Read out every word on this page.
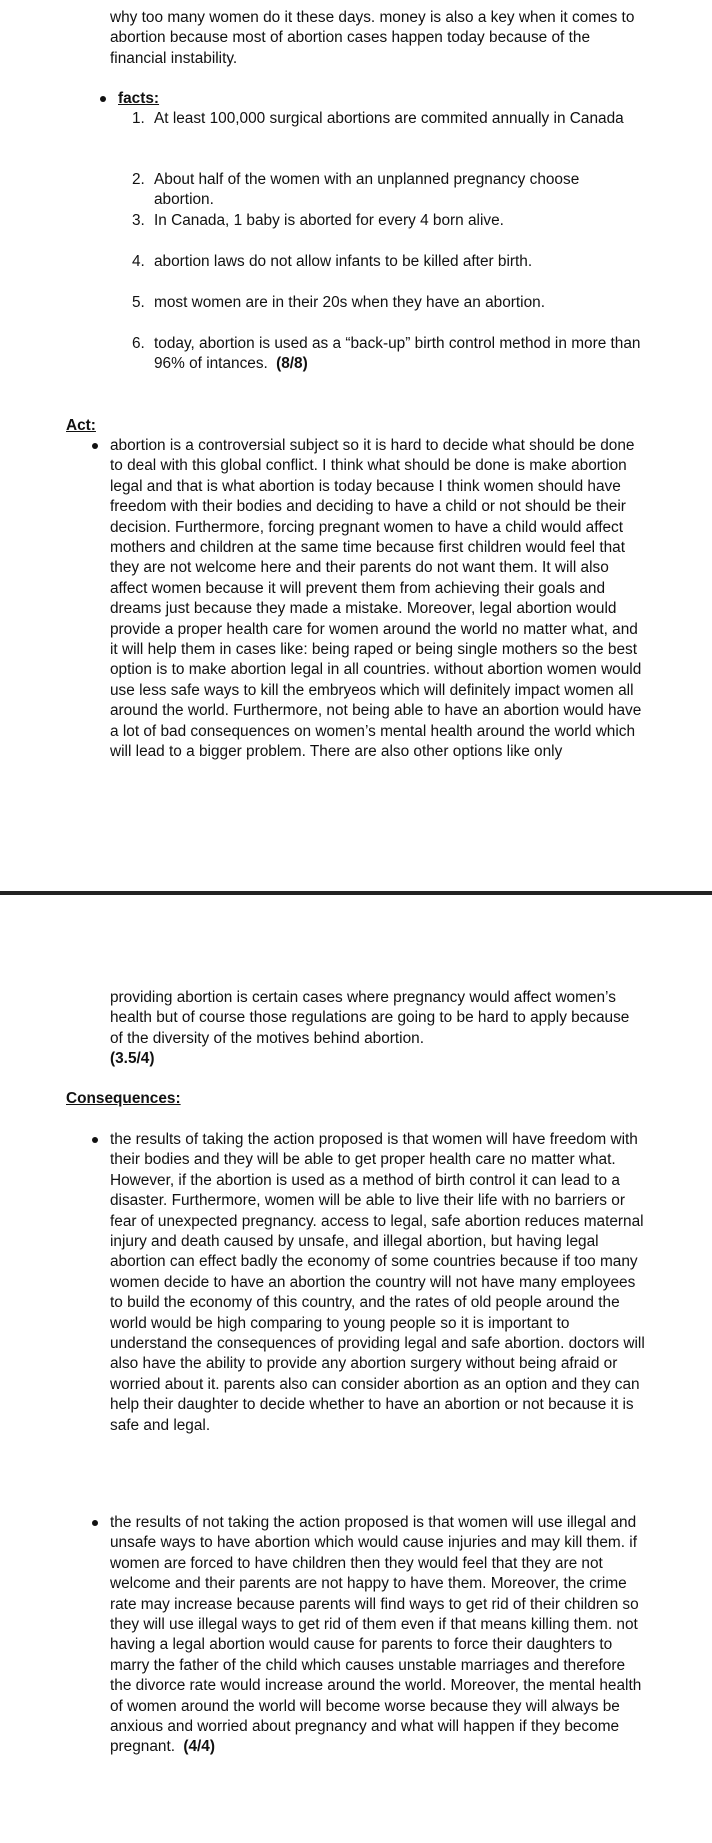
why too many women do it these days. money is also a key when it comes to abortion because most of abortion cases happen today because of the financial instability.

facts:
1. At least 100,000 surgical abortions are commited annually in Canada

2. About half of the women with an unplanned pregnancy choose abortion.

3. In Canada, 1 baby is aborted for every 4 born alive.

4. abortion laws do not allow infants to be killed after birth.

5. most women are in their 20s when they have an abortion.

6. today, abortion is used as a “back-up” birth control method in more than 96% of intances. (8/8)

Act:

abortion is a controversial subject so it is hard to decide what should be done to deal with this global conflict. I think what should be done is make abortion legal and that is what abortion is today because I think women should have freedom with their bodies and deciding to have a child or not should be their decision. Furthermore, forcing pregnant women to have a child would affect mothers and children at the same time because first children would feel that they are not welcome here and their parents do not want them. It will also affect women because it will prevent them from achieving their goals and dreams just because they made a mistake. Moreover, legal abortion would provide a proper health care for women around the world no matter what, and it will help them in cases like: being raped or being single mothers so the best option is to make abortion legal in all countries. without abortion women would use less safe ways to kill the embryeos which will definitely impact women all around the world. Furthermore, not being able to have an abortion would have a lot of bad consequences on women’s mental health around the world which will lead to a bigger problem. There are also other options like only

providing abortion is certain cases where pregnancy would affect women’s health but of course those regulations are going to be hard to apply because of the diversity of the motives behind abortion.
(3.5/4)

Consequences:

the results of taking the action proposed is that women will have freedom with their bodies and they will be able to get proper health care no matter what. However, if the abortion is used as a method of birth control it can lead to a disaster. Furthermore, women will be able to live their life with no barriers or fear of unexpected pregnancy. access to legal, safe abortion reduces maternal injury and death caused by unsafe, and illegal abortion, but having legal abortion can effect badly the economy of some countries because if too many women decide to have an abortion the country will not have many employees to build the economy of this country, and the rates of old people around the world would be high comparing to young people so it is important to understand the consequences of providing legal and safe abortion. doctors will also have the ability to provide any abortion surgery without being afraid or worried about it. parents also can consider abortion as an option and they can help their daughter to decide whether to have an abortion or not because it is safe and legal.

the results of not taking the action proposed is that women will use illegal and unsafe ways to have abortion which would cause injuries and may kill them. if women are forced to have children then they would feel that they are not welcome and their parents are not happy to have them. Moreover, the crime rate may increase because parents will find ways to get rid of their children so they will use illegal ways to get rid of them even if that means killing them. not having a legal abortion would cause for parents to force their daughters to marry the father of the child which causes unstable marriages and therefore the divorce rate would increase around the world. Moreover, the mental health of women around the world will become worse because they will always be anxious and worried about pregnancy and what will happen if they become pregnant. (4/4)
